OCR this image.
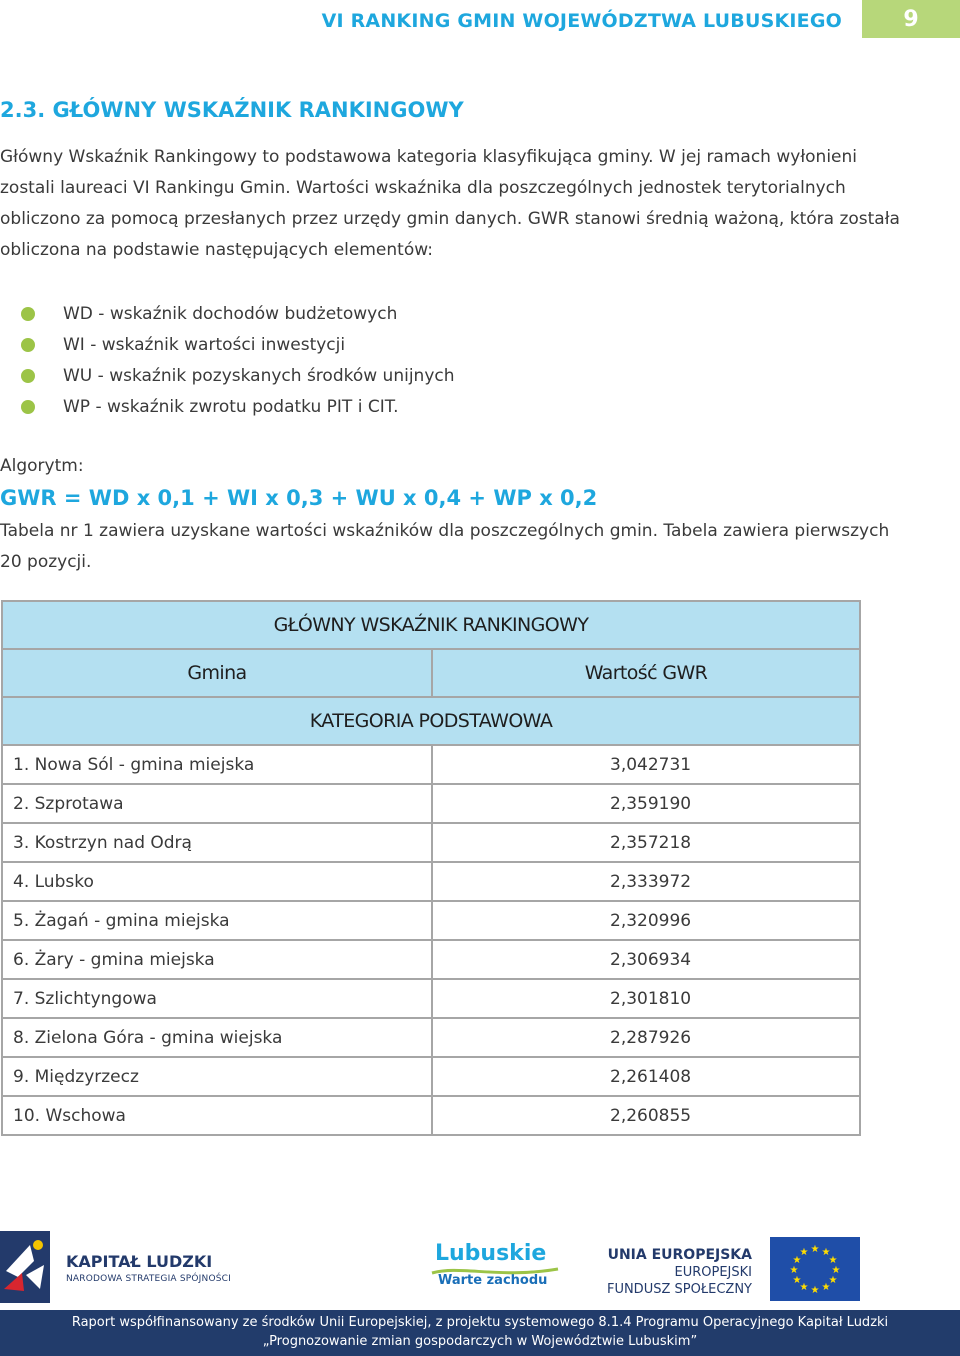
VI RANKING GMIN WOJEWÓDZTWA LUBUSKIEGO	9
2.3. GŁÓWNY WSKAŹNIK RANKINGOWY
Główny Wskaźnik Rankingowy to podstawowa kategoria klasyfikująca gminy. W jej ramach wyłonieni zostali laureaci VI Rankingu Gmin. Wartości wskaźnika dla poszczególnych jednostek terytorialnych obliczono za pomocą przesłanych przez urzędy gmin danych. GWR stanowi średnią ważoną, która została obliczona na podstawie następujących elementów:
WD - wskaźnik dochodów budżetowych
WI - wskaźnik wartości inwestycji
WU - wskaźnik pozyskanych środków unijnych
WP - wskaźnik zwrotu podatku PIT i CIT.
Algorytm:
GWR = WD x 0,1 + WI x 0,3 + WU x 0,4 + WP x 0,2
Tabela nr 1 zawiera uzyskane wartości wskaźników dla poszczególnych gmin. Tabela zawiera pierwszych 20 pozycji.
GŁÓWNY WSKAŹNIK RANKINGOWY	
Gmina	Wartość GWR
KATEGORIA PODSTAWOWA	
1. Nowa Sól - gmina miejska	3,042731
2. Szprotawa	2,359190
3. Kostrzyn nad Odrą	2,357218
4. Lubsko	2,333972
5. Żagań - gmina miejska	2,320996
6. Żary - gmina miejska	2,306934
7. Szlichtyngowa	2,301810
8. Zielona Góra - gmina wiejska	2,287926
9. Międzyrzecz	2,261408
10. Wschowa	2,260855
KAPITAŁ LUDZKI
NARODOWA STRATEGIA SPÓJNOŚCI
Lubuskie
Warte zachodu
UNIA EUROPEJSKA
EUROPEJSKI
FUNDUSZ SPOŁECZNY
★ ★
★
★
★
★
★
★
★
★
★
★
Raport współfinansowany ze środków Unii Europejskiej, z projektu systemowego 8.1.4 Programu Operacyjnego Kapitał Ludzki
„Prognozowanie zmian gospodarczych w Województwie Lubuskim”
